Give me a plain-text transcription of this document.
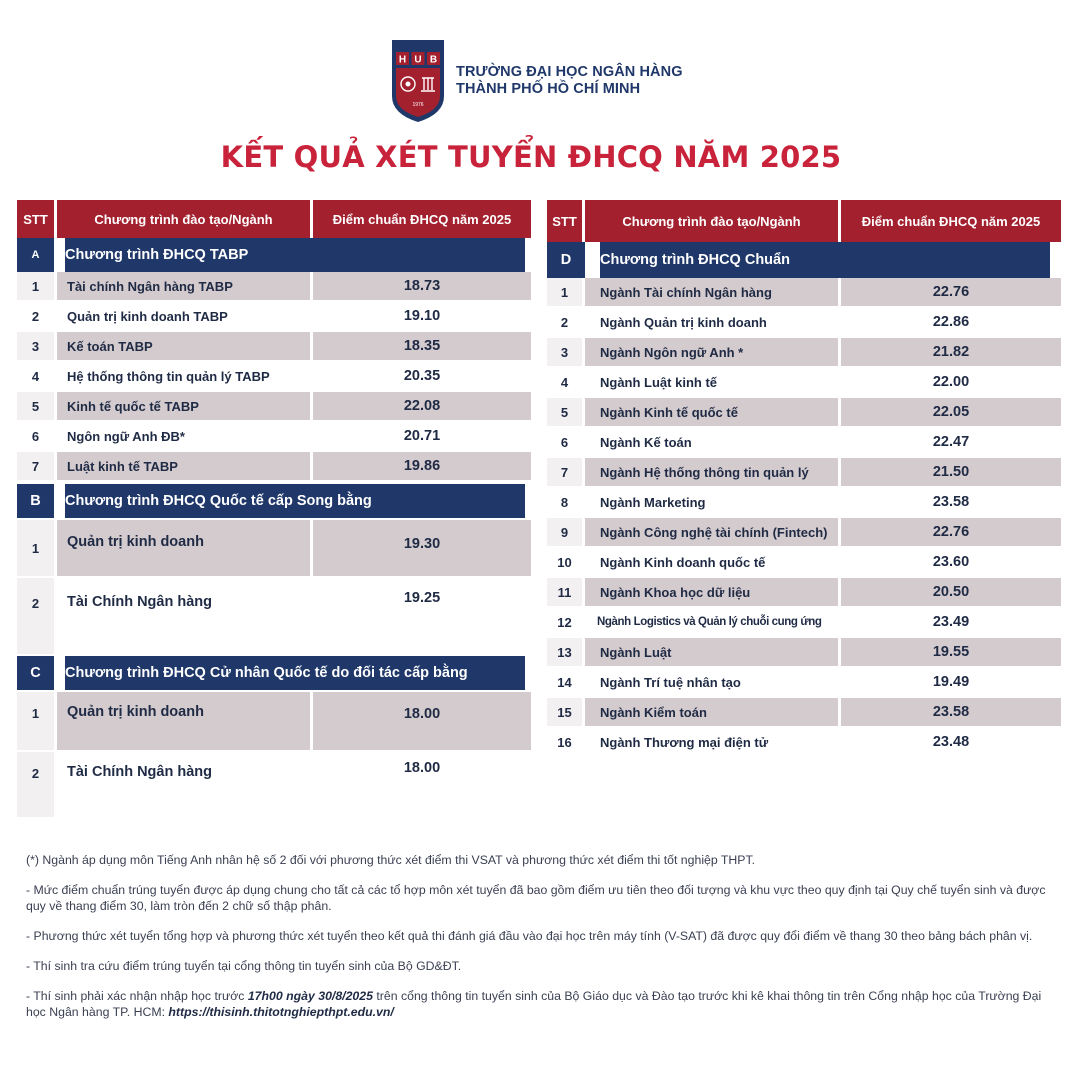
H U B
1976
TRƯỜNG ĐẠI HỌC NGÂN HÀNG
THÀNH PHỐ HỒ CHÍ MINH
KẾT QUẢ XÉT TUYỂN ĐHCQ NĂM 2025
STT	Chương trình đào tạo/Ngành	Điểm chuẩn ĐHCQ năm 2025
A	Chương trình ĐHCQ TABP
1	Tài chính Ngân hàng TABP	18.73
2	Quản trị kinh doanh TABP	19.10
3	Kế toán TABP	18.35
4	Hệ thống thông tin quản lý TABP	20.35
5	Kinh tế quốc tế TABP	22.08
6	Ngôn ngữ Anh ĐB*	20.71
7	Luật kinh tế TABP	19.86
B	Chương trình ĐHCQ Quốc tế cấp Song bằng
1	Quản trị kinh doanh	19.30
2	Tài Chính Ngân hàng	19.25
C	Chương trình ĐHCQ Cử nhân Quốc tế do đối tác cấp bằng
1	Quản trị kinh doanh	18.00
2	Tài Chính Ngân hàng	18.00
STT	Chương trình đào tạo/Ngành	Điểm chuẩn ĐHCQ năm 2025
D	Chương trình ĐHCQ Chuẩn
1	Ngành Tài chính Ngân hàng	22.76
2	Ngành Quản trị kinh doanh	22.86
3	Ngành Ngôn ngữ Anh *	21.82
4	Ngành Luật kinh tế	22.00
5	Ngành Kinh tế quốc tế	22.05
6	Ngành Kế toán	22.47
7	Ngành Hệ thống thông tin quản lý	21.50
8	Ngành Marketing	23.58
9	Ngành Công nghệ tài chính (Fintech)	22.76
10	Ngành Kinh doanh quốc tế	23.60
11	Ngành Khoa học dữ liệu	20.50
12	Ngành Logistics và Quản lý chuỗi cung ứng	23.49
13	Ngành Luật	19.55
14	Ngành Trí tuệ nhân tạo	19.49
15	Ngành Kiểm toán	23.58
16	Ngành Thương mại điện tử	23.48

(*) Ngành áp dụng môn Tiếng Anh nhân hệ số 2 đối với phương thức xét điểm thi VSAT và phương thức xét điểm thi tốt nghiệp THPT.

- Mức điểm chuẩn trúng tuyển được áp dụng chung cho tất cả các tổ hợp môn xét tuyển đã bao gồm điểm ưu tiên theo đối tượng và khu vực theo quy định tại Quy chế tuyển sinh và được quy về thang điểm 30, làm tròn đến 2 chữ số thập phân.

- Phương thức xét tuyển tổng hợp và phương thức xét tuyển theo kết quả thi đánh giá đầu vào đại học trên máy tính (V-SAT) đã được quy đổi điểm về thang 30 theo bảng bách phân vị.

- Thí sinh tra cứu điểm trúng tuyển tại cổng thông tin tuyển sinh của Bộ GD&ĐT.

- Thí sinh phải xác nhận nhập học trước 17h00 ngày 30/8/2025 trên cổng thông tin tuyển sinh của Bộ Giáo dục và Đào tạo trước khi kê khai thông tin trên Cổng nhập học của Trường Đại học Ngân hàng TP. HCM: https://thisinh.thitotnghiepthpt.edu.vn/
